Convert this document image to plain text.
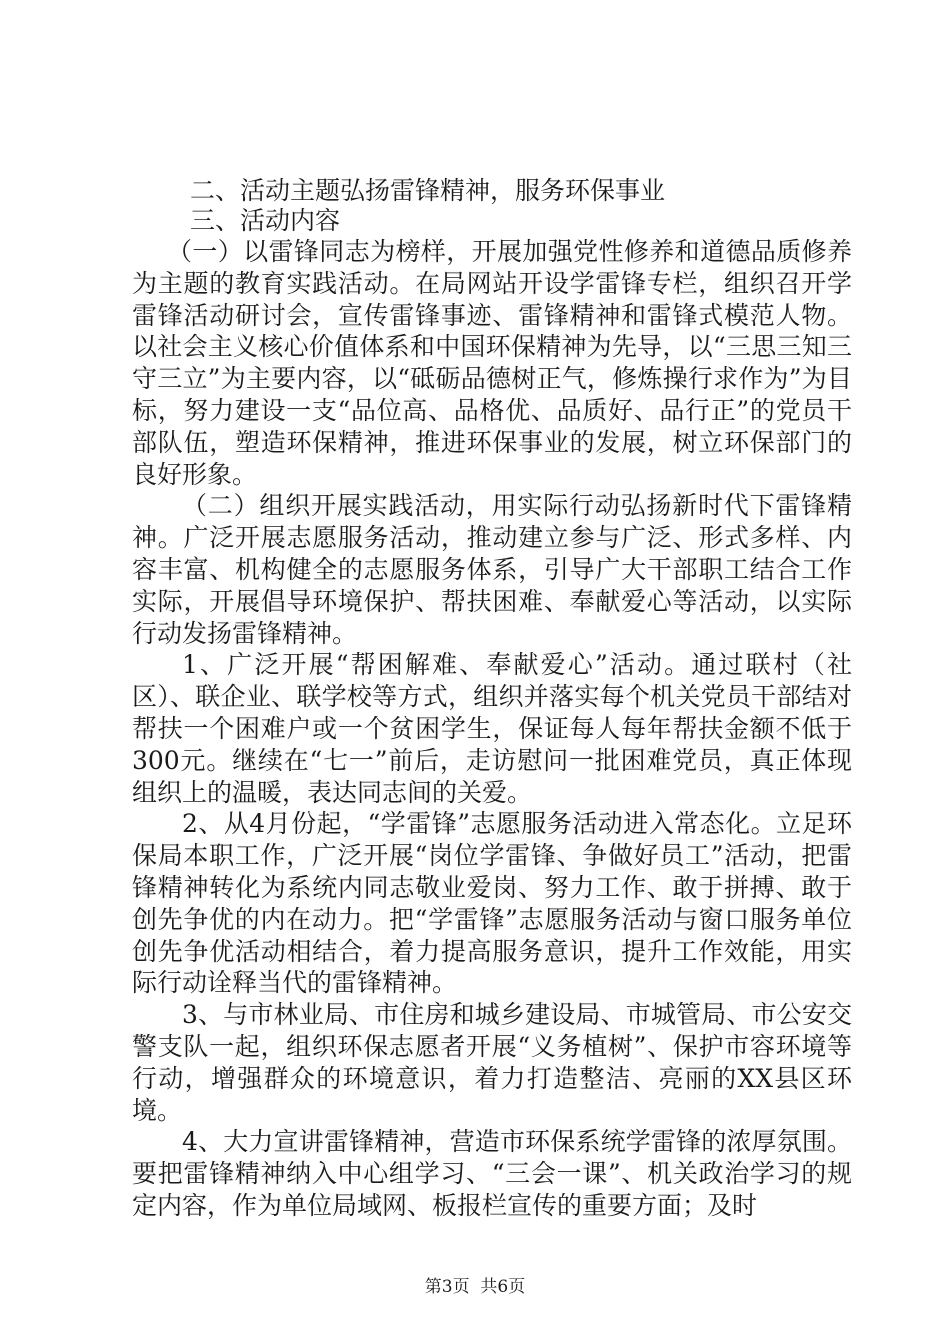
二、活动主题弘扬雷锋精神，服务环保事业

三、活动内容

（一）以雷锋同志为榜样，开展加强党性修养和道德品质修养为主题的教育实践活动。在局网站开设学雷锋专栏，组织召开学雷锋活动研讨会，宣传雷锋事迹、雷锋精神和雷锋式模范人物。以社会主义核心价值体系和中国环保精神为先导，以“三思三知三守三立”为主要内容，以“砥砺品德树正气，修炼操行求作为”为目标，努力建设一支“品位高、品格优、品质好、品行正”的党员干部队伍，塑造环保精神，推进环保事业的发展，树立环保部门的良好形象。

（二）组织开展实践活动，用实际行动弘扬新时代下雷锋精神。广泛开展志愿服务活动，推动建立参与广泛、形式多样、内容丰富、机构健全的志愿服务体系，引导广大干部职工结合工作实际，开展倡导环境保护、帮扶困难、奉献爱心等活动，以实际行动发扬雷锋精神。

1、广泛开展“帮困解难、奉献爱心”活动。通过联村（社区）、联企业、联学校等方式，组织并落实每个机关党员干部结对帮扶一个困难户或一个贫困学生，保证每人每年帮扶金额不低于300元。继续在“七一”前后，走访慰问一批困难党员，真正体现组织上的温暖，表达同志间的关爱。

2、从4月份起，“学雷锋”志愿服务活动进入常态化。立足环保局本职工作，广泛开展“岗位学雷锋、争做好员工”活动，把雷锋精神转化为系统内同志敬业爱岗、努力工作、敢于拼搏、敢于创先争优的内在动力。把“学雷锋”志愿服务活动与窗口服务单位创先争优活动相结合，着力提高服务意识，提升工作效能，用实际行动诠释当代的雷锋精神。

3、与市林业局、市住房和城乡建设局、市城管局、市公安交警支队一起，组织环保志愿者开展“义务植树”、保护市容环境等行动，增强群众的环境意识，着力打造整洁、亮丽的XX县区环境。

4、大力宣讲雷锋精神，营造市环保系统学雷锋的浓厚氛围。要把雷锋精神纳入中心组学习、“三会一课”、机关政治学习的规定内容，作为单位局域网、板报栏宣传的重要方面；及时

第3页  共6页
